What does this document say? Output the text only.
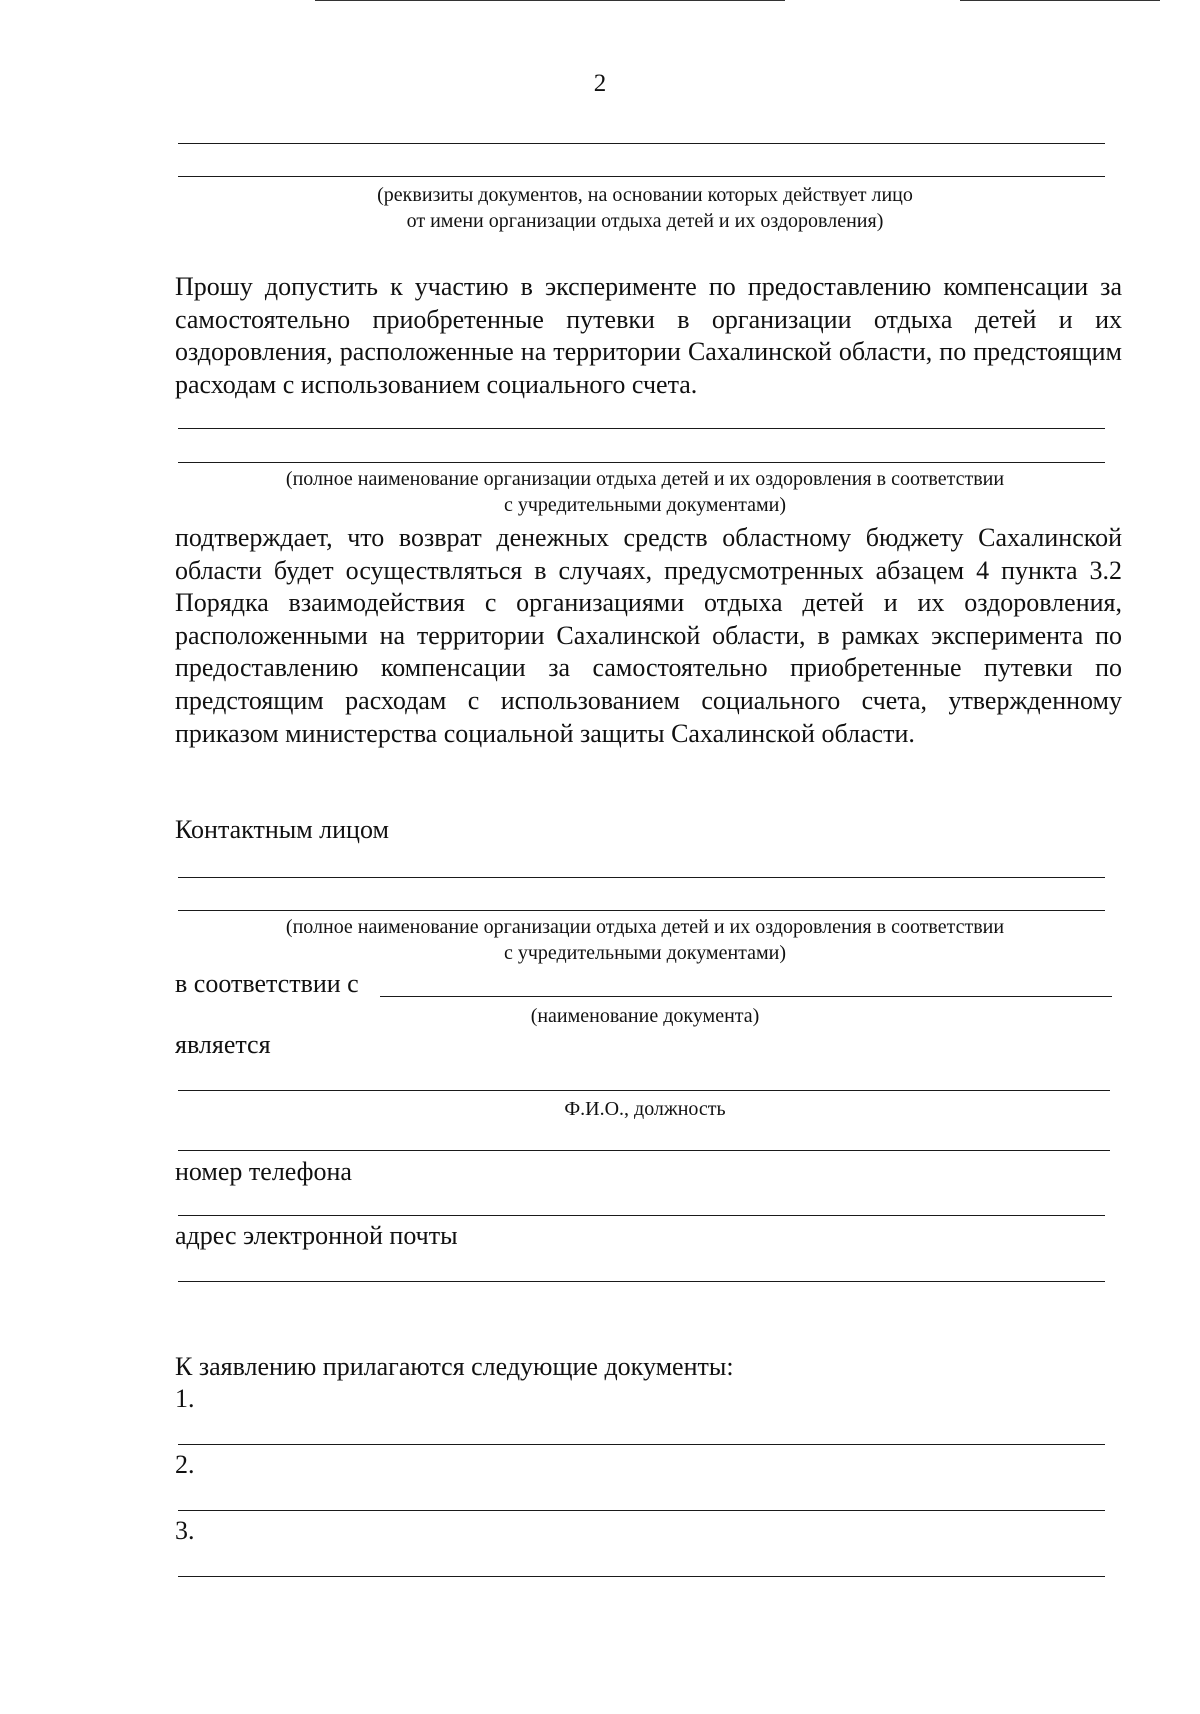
2
(реквизиты документов, на основании которых действует лицо
от имени организации отдыха детей и их оздоровления)
Прошу допустить к участию в эксперименте по предоставлению компенсации за самостоятельно приобретенные путевки в организации отдыха детей и их оздоровления, расположенные на территории Сахалинской области, по предстоящим расходам с использованием социального счета.
(полное наименование организации отдыха детей и их оздоровления в соответствии
с учредительными документами)
подтверждает, что возврат денежных средств областному бюджету Сахалинской области будет осуществляться в случаях, предусмотренных абзацем 4 пункта 3.2 Порядка взаимодействия с организациями отдыха детей и их оздоровления, расположенными на территории Сахалинской области, в рамках эксперимента по предоставлению компенсации за самостоятельно приобретенные путевки по предстоящим расходам с использованием социального счета, утвержденному приказом министерства социальной защиты Сахалинской области.
Контактным лицом
(полное наименование организации отдыха детей и их оздоровления в соответствии
с учредительными документами)
в соответствии с
(наименование документа)
является
Ф.И.О., должность
номер телефона
адрес электронной почты
К заявлению прилагаются следующие документы:
1.
2.
3.
